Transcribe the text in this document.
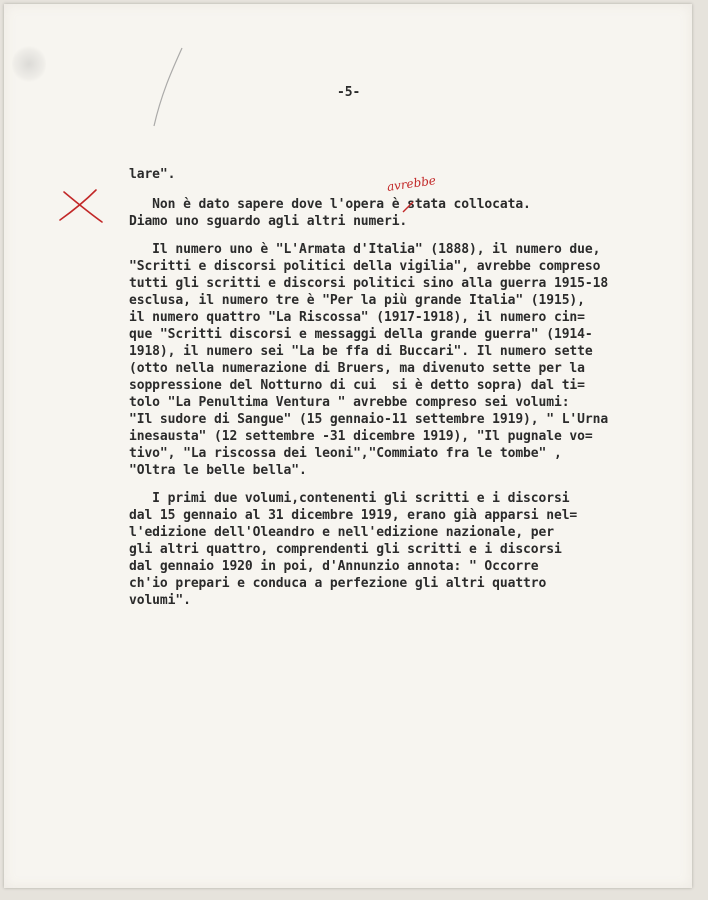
-5-
lare".
Non è dato sapere dove l'opera è stata collocata.
Diamo uno sguardo agli altri numeri.
Il numero uno è "L'Armata d'Italia" (1888), il numero due,
"Scritti e discorsi politici della vigilia", avrebbe compreso
tutti gli scritti e discorsi politici sino alla guerra 1915-18
esclusa, il numero tre è "Per la più grande Italia" (1915),
il numero quattro "La Riscossa" (1917-1918), il numero cin=
que "Scritti discorsi e messaggi della grande guerra" (1914-
1918), il numero sei "La be ffa di Buccari". Il numero sette
(otto nella numerazione di Bruers, ma divenuto sette per la
soppressione del Notturno di cui  si è detto sopra) dal ti=
tolo "La Penultima Ventura " avrebbe compreso sei volumi:
"Il sudore di Sangue" (15 gennaio-11 settembre 1919), " L'Urna
inesausta" (12 settembre -31 dicembre 1919), "Il pugnale vo=
tivo", "La riscossa dei leoni","Commiato fra le tombe" ,
"Oltra le belle bella".
I primi due volumi,contenenti gli scritti e i discorsi
dal 15 gennaio al 31 dicembre 1919, erano già apparsi nel=
l'edizione dell'Oleandro e nell'edizione nazionale, per
gli altri quattro, comprendenti gli scritti e i discorsi
dal gennaio 1920 in poi, d'Annunzio annota: " Occorre
ch'io prepari e conduca a perfezione gli altri quattro
volumi".
avrebbe
